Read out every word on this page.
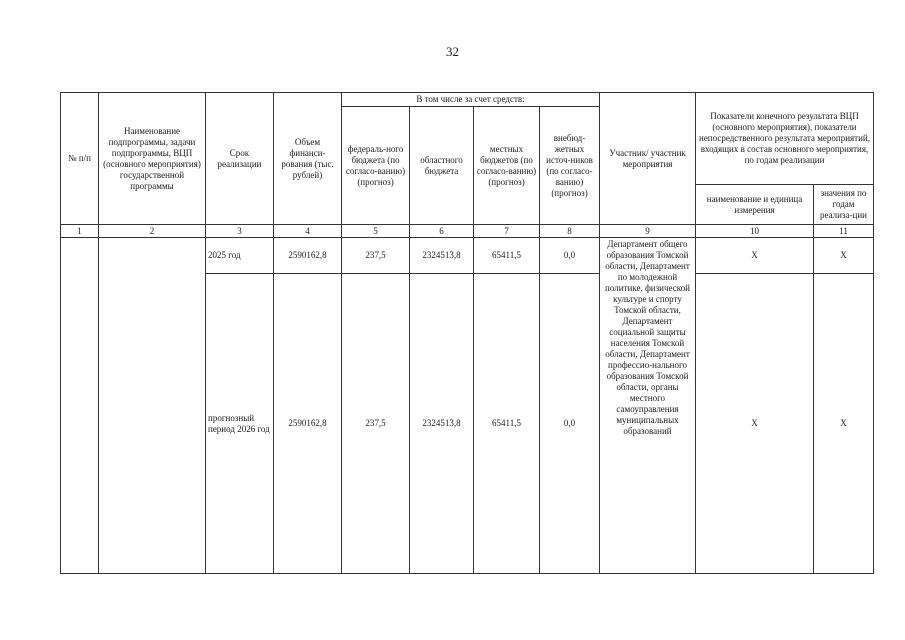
32
№ п/п	Наименование подпрограммы, задачи подпрограммы, ВЦП (основного мероприятия) государственной программы	Срок реализации	Объем финанси-рования (тыс. рублей)	В том числе за счет средств:				Участник/ участник мероприятия	Показатели конечного результата ВЦП (основного мероприятия), показатели непосредственного результата мероприятий, входящих в состав основного мероприятия, по годам реализации	
				федераль-ного бюджета (по согласо-ванию) (прогноз)	областного бюджета	местных бюджетов (по согласо-ванию) (прогноз)	внебюд-жетных источ-ников (по согласо-ванию) (прогноз)			
									наименование и единица измерения	значения по годам реализа-ции
1	2	3	4	5	6	7	8	9	10	11
		2025 год	2590162,8	237,5	2324513,8	65411,5	0,0	Департамент общего образования Томской области, Департамент по молодежной политике, физической культуре и спорту Томской области, Департамент социальной защиты населения Томской области, Департамент профессио-нального образования Томской области, органы местного самоуправления муниципальных образований	Х	Х
		прогнозный период 2026 год	2590162,8	237,5	2324513,8	65411,5	0,0		Х	Х
